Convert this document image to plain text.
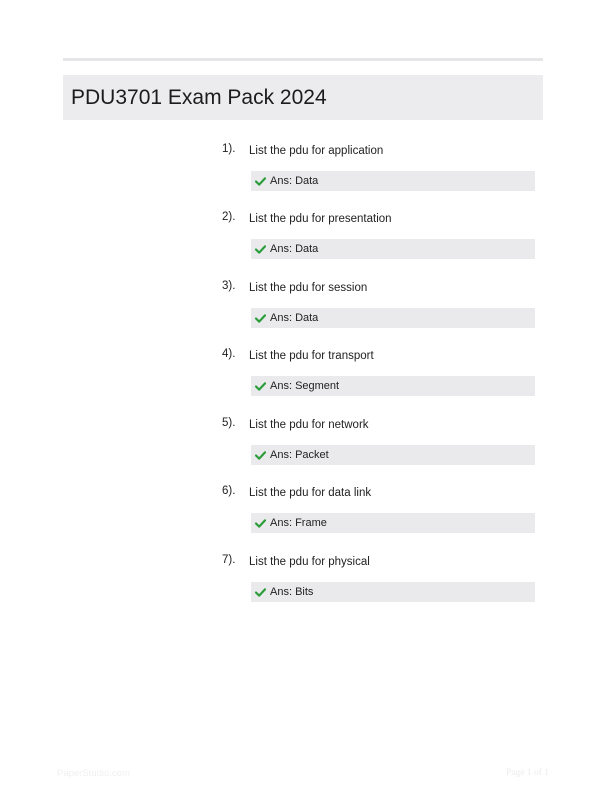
PDU3701 Exam Pack 2024
1). List the pdu for application
Ans: Data
2). List the pdu for presentation
Ans: Data
3). List the pdu for session
Ans: Data
4). List the pdu for transport
Ans: Segment
5). List the pdu for network
Ans: Packet
6). List the pdu for data link
Ans: Frame
7). List the pdu for physical
Ans: Bits
PaperStudio.com	Page 1 of 1
